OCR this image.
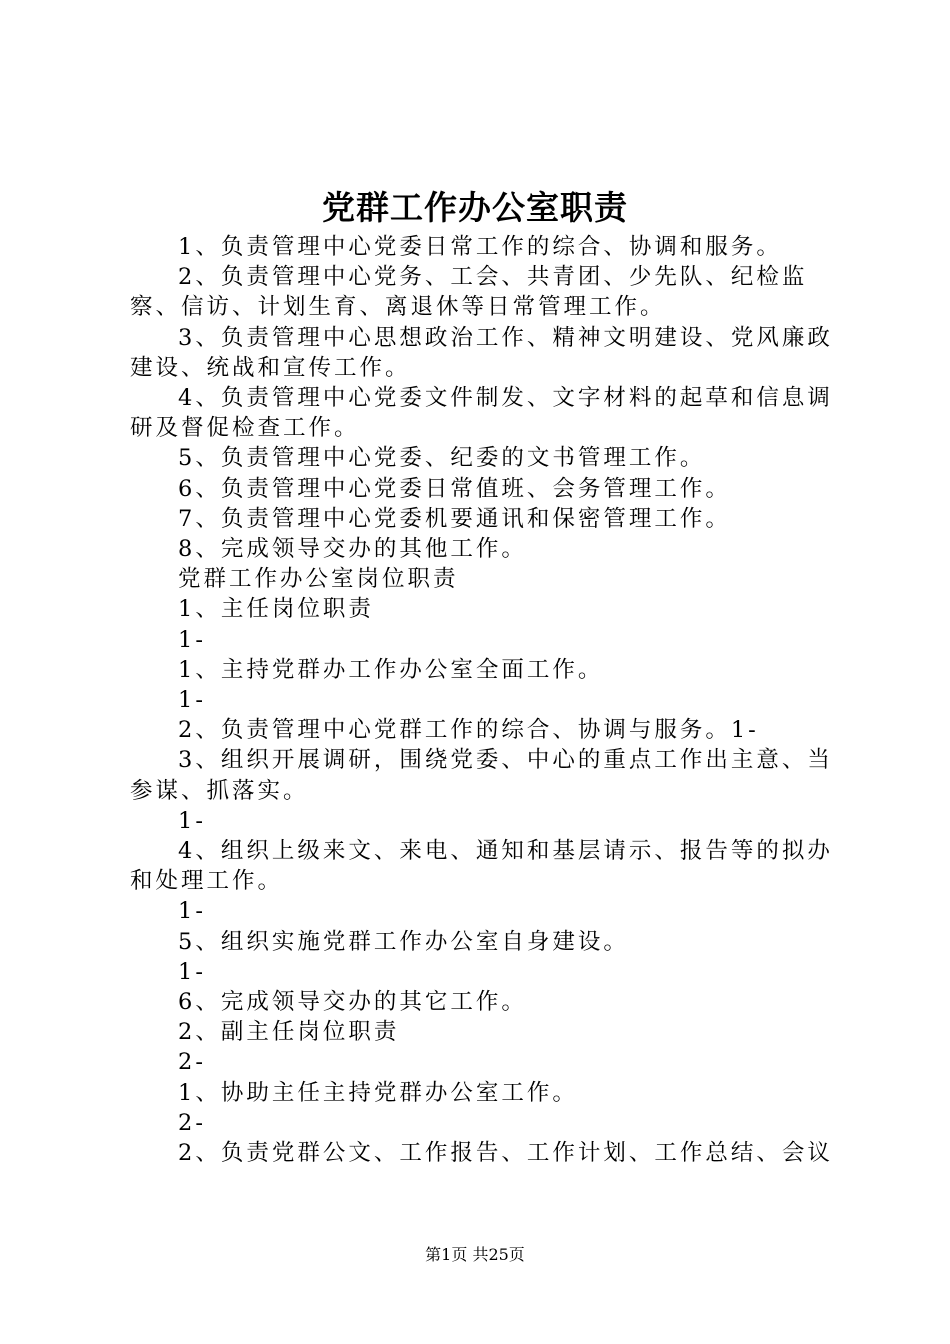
党群工作办公室职责

1、负责管理中心党委日常工作的综合、协调和服务。

2、负责管理中心党务、工会、共青团、少先队、纪检监察、信访、计划生育、离退休等日常管理工作。

3、负责管理中心思想政治工作、精神文明建设、党风廉政建设、统战和宣传工作。

4、负责管理中心党委文件制发、文字材料的起草和信息调研及督促检查工作。

5、负责管理中心党委、纪委的文书管理工作。

6、负责管理中心党委日常值班、会务管理工作。

7、负责管理中心党委机要通讯和保密管理工作。

8、完成领导交办的其他工作。

党群工作办公室岗位职责

1、主任岗位职责

1-

1、主持党群办工作办公室全面工作。

1-

2、负责管理中心党群工作的综合、协调与服务。1-

3、组织开展调研，围绕党委、中心的重点工作出主意、当参谋、抓落实。

1-

4、组织上级来文、来电、通知和基层请示、报告等的拟办和处理工作。

1-

5、组织实施党群工作办公室自身建设。

1-

6、完成领导交办的其它工作。

2、副主任岗位职责

2-

1、协助主任主持党群办公室工作。

2-

2、负责党群公文、工作报告、工作计划、工作总结、会议

第1页 共25页
